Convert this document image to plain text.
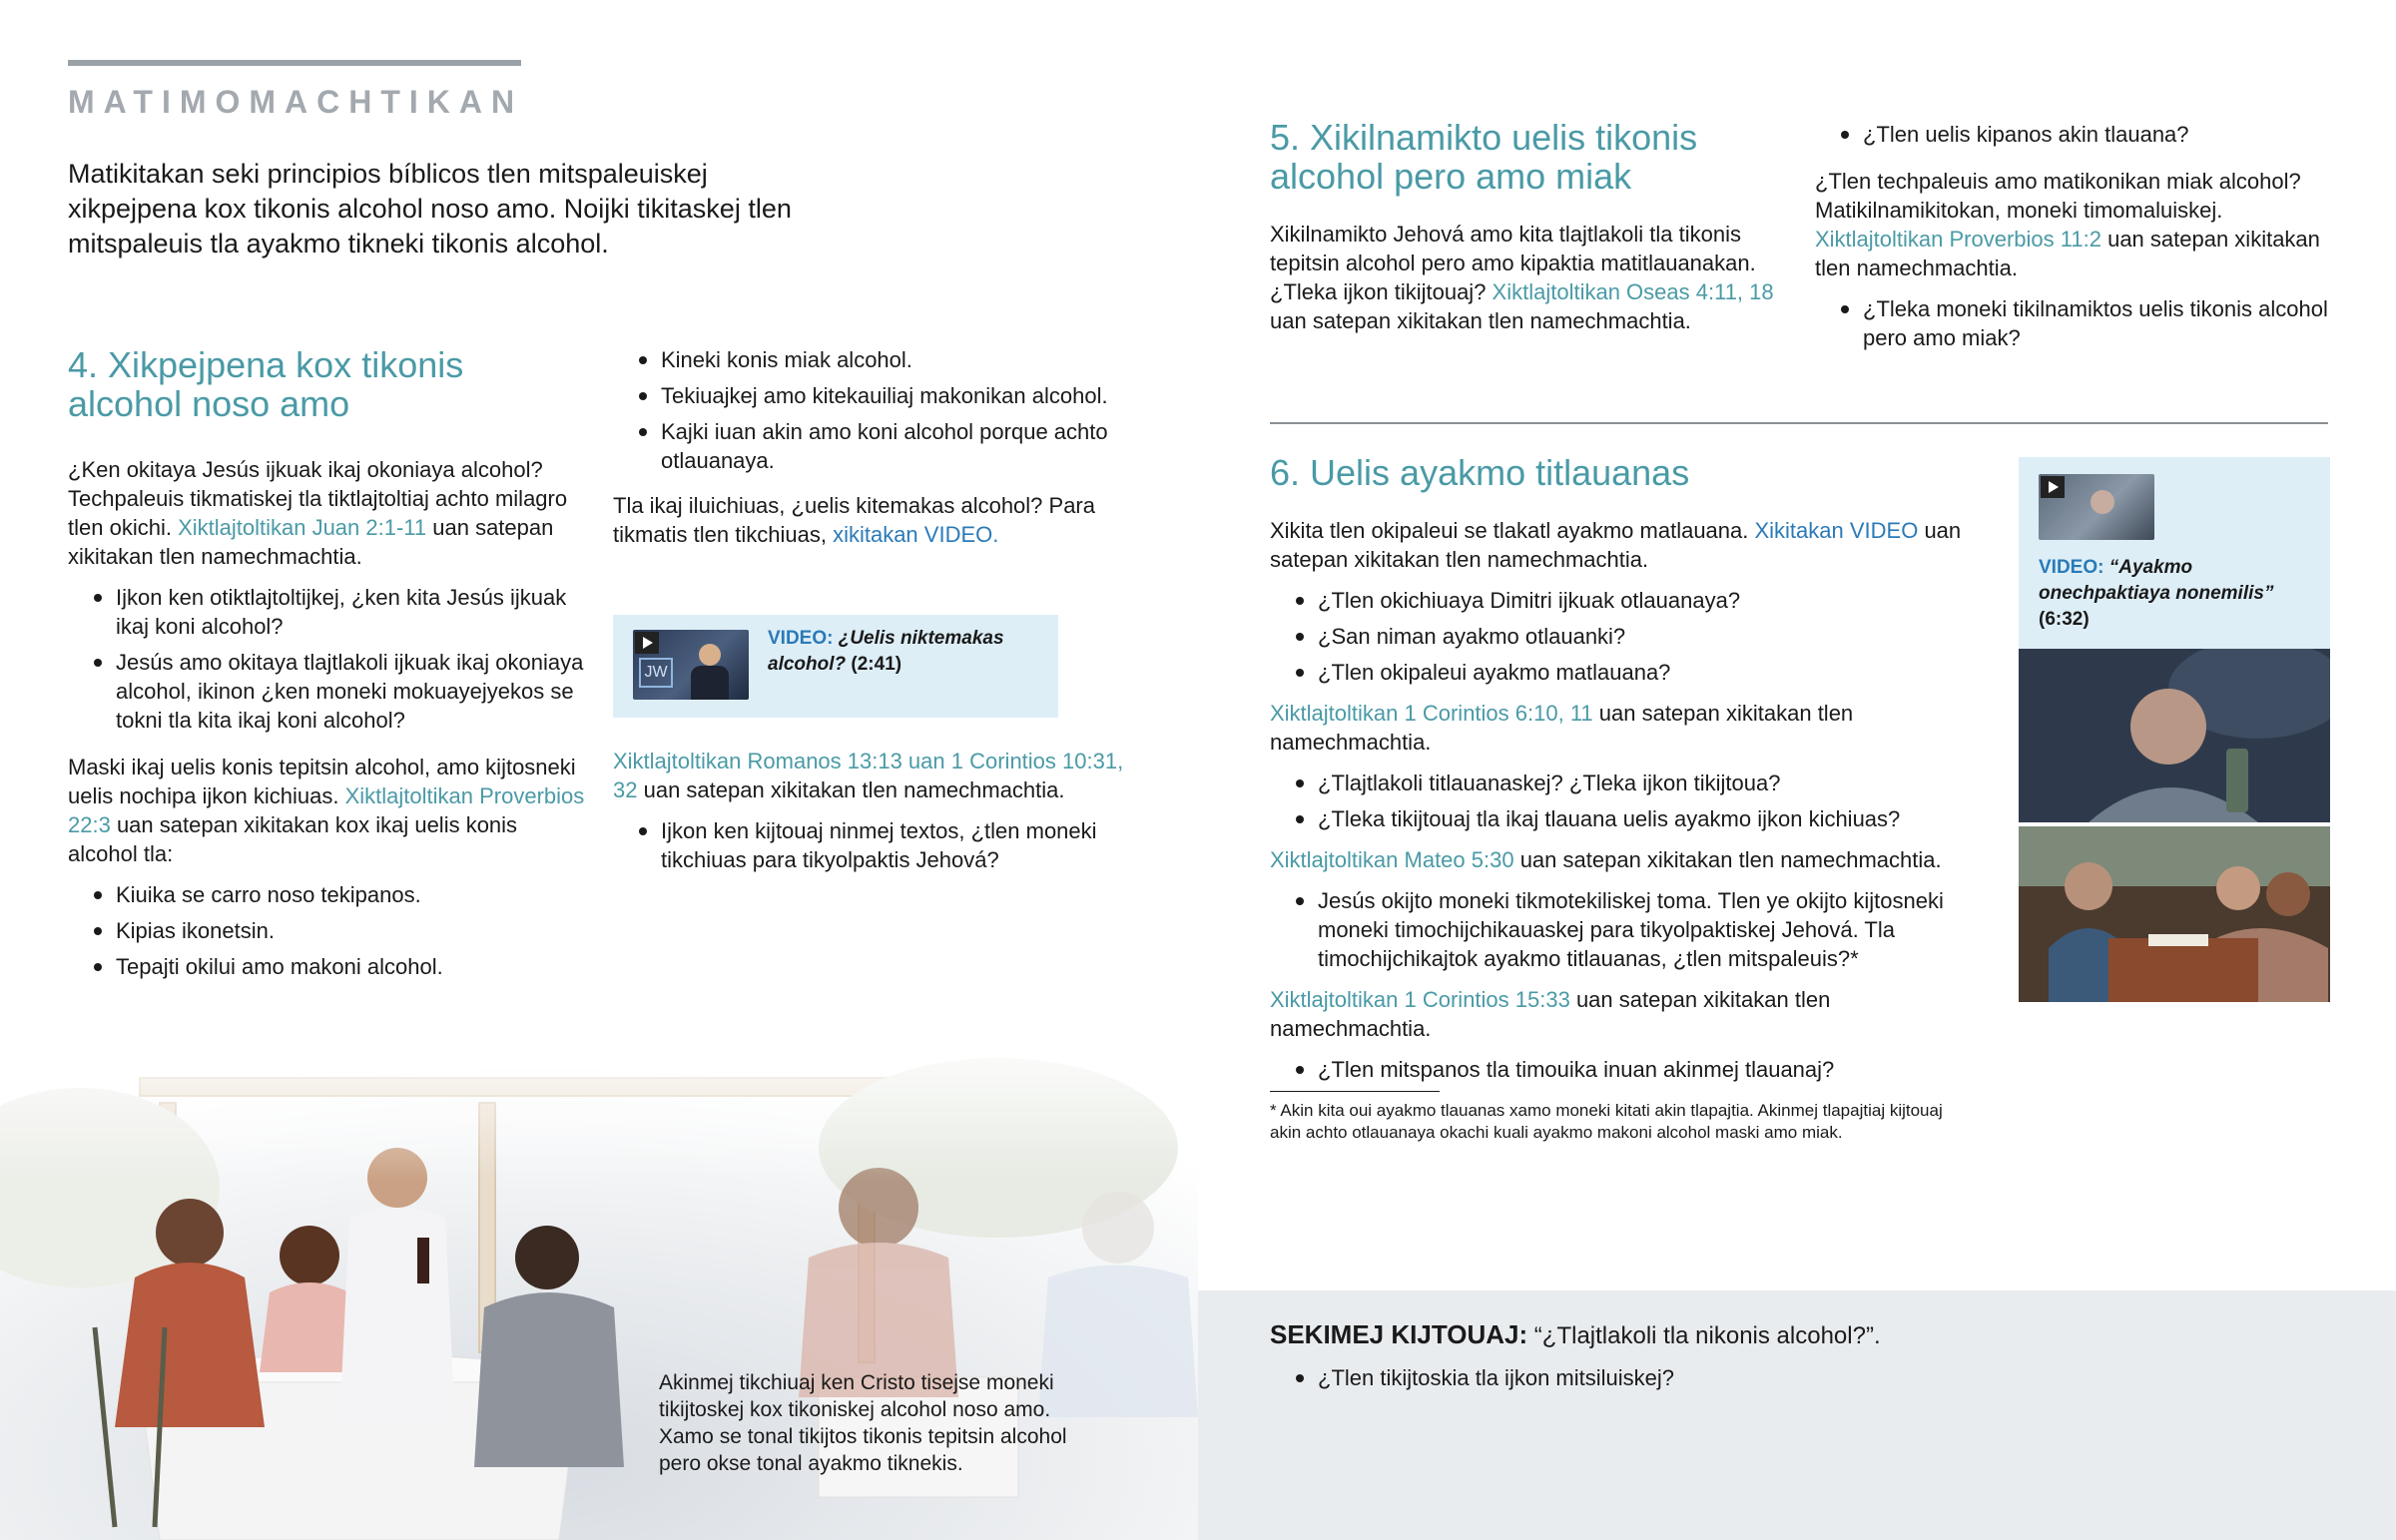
MATIMOMACHTIKAN

Matikitakan seki principios bíblicos tlen mitspaleuiskej xikpejpena kox tikonis alcohol noso amo. Noijki tikitaskej tlen mitspaleuis tla ayakmo tikneki tikonis alcohol.

4. Xikpejpena kox tikonis alcohol noso amo

¿Ken okitaya Jesús ijkuak ikaj okoniaya alcohol? Techpaleuis tikmatiskej tla tiktlajtoltiaj achto milagro tlen okichi. Xiktlajtoltikan Juan 2:1-11 uan satepan xikitakan tlen namechmachtia.

Ijkon ken otiktlajtoltijkej, ¿ken kita Jesús ijkuak ikaj koni alcohol?
Jesús amo okitaya tlajtlakoli ijkuak ikaj okoniaya alcohol, ikinon ¿ken moneki mokuayejyekos se tokni tla kita ikaj koni alcohol?

Maski ikaj uelis konis tepitsin alcohol, amo kijtosneki uelis nochipa ijkon kichiuas. Xiktlajtoltikan Proverbios 22:3 uan satepan xikitakan kox ikaj uelis konis alcohol tla:

Kiuika se carro noso tekipanos.
Kipias ikonetsin.
Tepajti okilui amo makoni alcohol.
Kineki konis miak alcohol.
Tekiuajkej amo kitekauiliaj makonikan alcohol.
Kajki iuan akin amo koni alcohol porque achto otlauanaya.

Tla ikaj iluichiuas, ¿uelis kitemakas alcohol? Para tikmatis tlen tikchiuas, xikitakan VIDEO.

JW
VIDEO: ¿Uelis niktemakas alcohol? (2:41)

Xiktlajtoltikan Romanos 13:13 uan 1 Corintios 10:31, 32 uan satepan xikitakan tlen namechmachtia.

Ijkon ken kijtouaj ninmej textos, ¿tlen moneki tikchiuas para tikyolpaktis Jehová?

Akinmej tikchiuaj ken Cristo tisejse moneki tikijtoskej kox tikoniskej alcohol noso amo. Xamo se tonal tikijtos tikonis tepitsin alcohol pero okse tonal ayakmo tiknekis.

5. Xikilnamikto uelis tikonis alcohol pero amo miak

Xikilnamikto Jehová amo kita tlajtlakoli tla tikonis tepitsin alcohol pero amo kipaktia matitlauanakan. ¿Tleka ijkon tikijtouaj? Xiktlajtoltikan Oseas 4:11, 18 uan satepan xikitakan tlen namechmachtia.

¿Tlen uelis kipanos akin tlauana?

¿Tlen techpaleuis amo matikonikan miak alcohol? Matikilnamikitokan, moneki timomaluiskej. Xiktlajtoltikan Proverbios 11:2 uan satepan xikitakan tlen namechmachtia.

¿Tleka moneki tikilnamiktos uelis tikonis alcohol pero amo miak?
6. Uelis ayakmo titlauanas

Xikita tlen okipaleui se tlakatl ayakmo matlauana. Xikitakan VIDEO uan satepan xikitakan tlen namechmachtia.

¿Tlen okichiuaya Dimitri ijkuak otlauanaya?
¿San niman ayakmo otlauanki?
¿Tlen okipaleui ayakmo matlauana?

Xiktlajtoltikan 1 Corintios 6:10, 11 uan satepan xikitakan tlen namechmachtia.

¿Tlajtlakoli titlauanaskej? ¿Tleka ijkon tikijtoua?
¿Tleka tikijtouaj tla ikaj tlauana uelis ayakmo ijkon kichiuas?

Xiktlajtoltikan Mateo 5:30 uan satepan xikitakan tlen namechmachtia.

Jesús okijto moneki tikmotekiliskej toma. Tlen ye okijto kijtosneki moneki timochijchikauaskej para tikyolpaktiskej Jehová. Tla timochijchikajtok ayakmo titlauanas, ¿tlen mitspaleuis?*

Xiktlajtoltikan 1 Corintios 15:33 uan satepan xikitakan tlen namechmachtia.

¿Tlen mitspanos tla timouika inuan akinmej tlauanaj?

* Akin kita oui ayakmo tlauanas xamo moneki kitati akin tlapajtia. Akinmej tlapajtiaj kijtouaj akin achto otlauanaya okachi kuali ayakmo makoni alcohol maski amo miak.

VIDEO: “Ayakmo onechpaktiaya nonemilis”
(6:32)

SEKIMEJ KIJTOUAJ: “¿Tlajtlakoli tla nikonis alcohol?”.

¿Tlen tikijtoskia tla ijkon mitsiluiskej?
